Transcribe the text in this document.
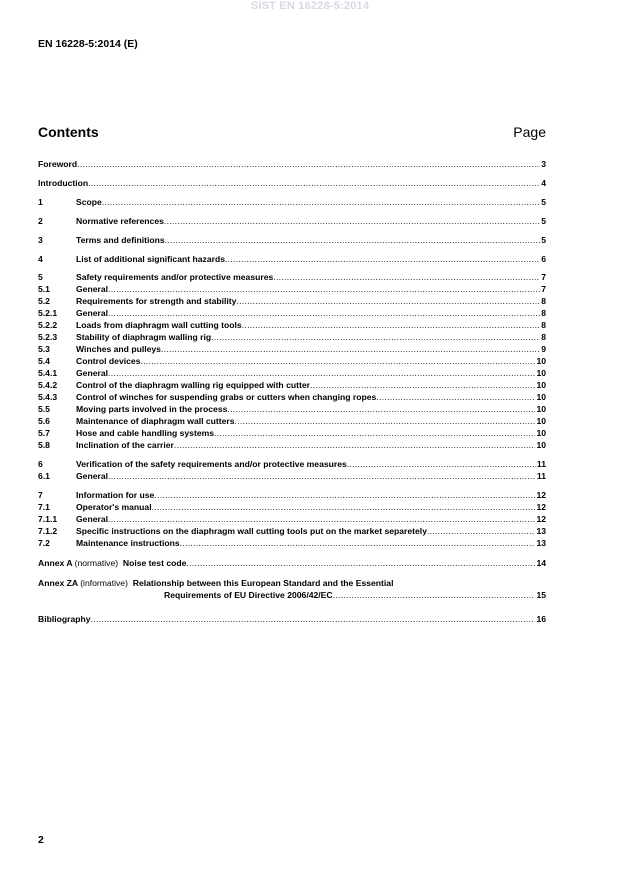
SIST EN 16228-5:2014
EN 16228-5:2014 (E)
Contents	Page
Foreword .....	3
Introduction .....	4
1	Scope .....	5
2	Normative references .....	5
3	Terms and definitions .....	5
4	List of additional significant hazards .....	6
5	Safety requirements and/or protective measures .....	7
5.1	General .....	7
5.2	Requirements for strength and stability .....	8
5.2.1	General .....	8
5.2.2	Loads from diaphragm wall cutting tools .....	8
5.2.3	Stability of diaphragm walling rig .....	8
5.3	Winches and pulleys .....	9
5.4	Control devices .....	10
5.4.1	General .....	10
5.4.2	Control of the diaphragm walling rig equipped with cutter .....	10
5.4.3	Control of winches for suspending grabs or cutters when changing ropes .....	10
5.5	Moving parts involved in the process .....	10
5.6	Maintenance of diaphragm wall cutters .....	10
5.7	Hose and cable handling systems .....	10
5.8	Inclination of the carrier .....	10
6	Verification of the safety requirements and/or protective measures .....	11
6.1	General .....	11
7	Information for use .....	12
7.1	Operator's manual .....	12
7.1.1	General .....	12
7.1.2	Specific instructions on the diaphragm wall cutting tools put on the market separetely .....	13
7.2	Maintenance instructions .....	13
Annex A (normative) Noise test code .....	14
Annex ZA (informative) Relationship between this European Standard and the Essential
Requirements of EU Directive 2006/42/EC .....	15
Bibliography .....	16
2
